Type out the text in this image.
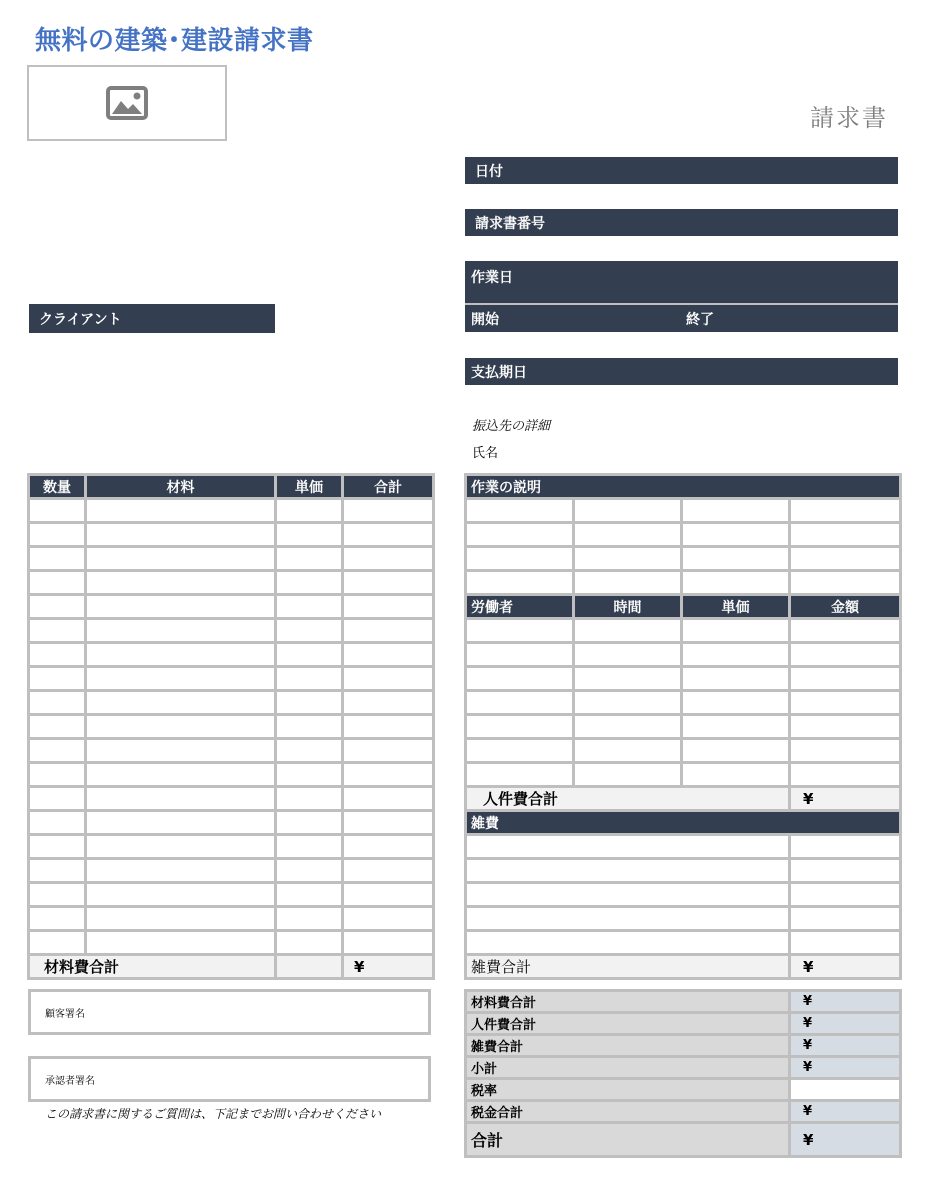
無料の建築･建設請求書
請求書
日付
請求書番号
作業日
開始	終了
支払期日
振込先の詳細
氏名
クライアント
数量	材料	単価	合計

材料費合計			¥
作業の説明			

労働者	時間	単価	金額

人件費合計			¥
雑費			

雑費合計			¥
材料費合計	¥
人件費合計	¥
雑費合計	¥
小計	¥
税率	
税金合計	¥
合計	¥
顧客署名
承認者署名
この請求書に関するご質問は、下記までお問い合わせください
